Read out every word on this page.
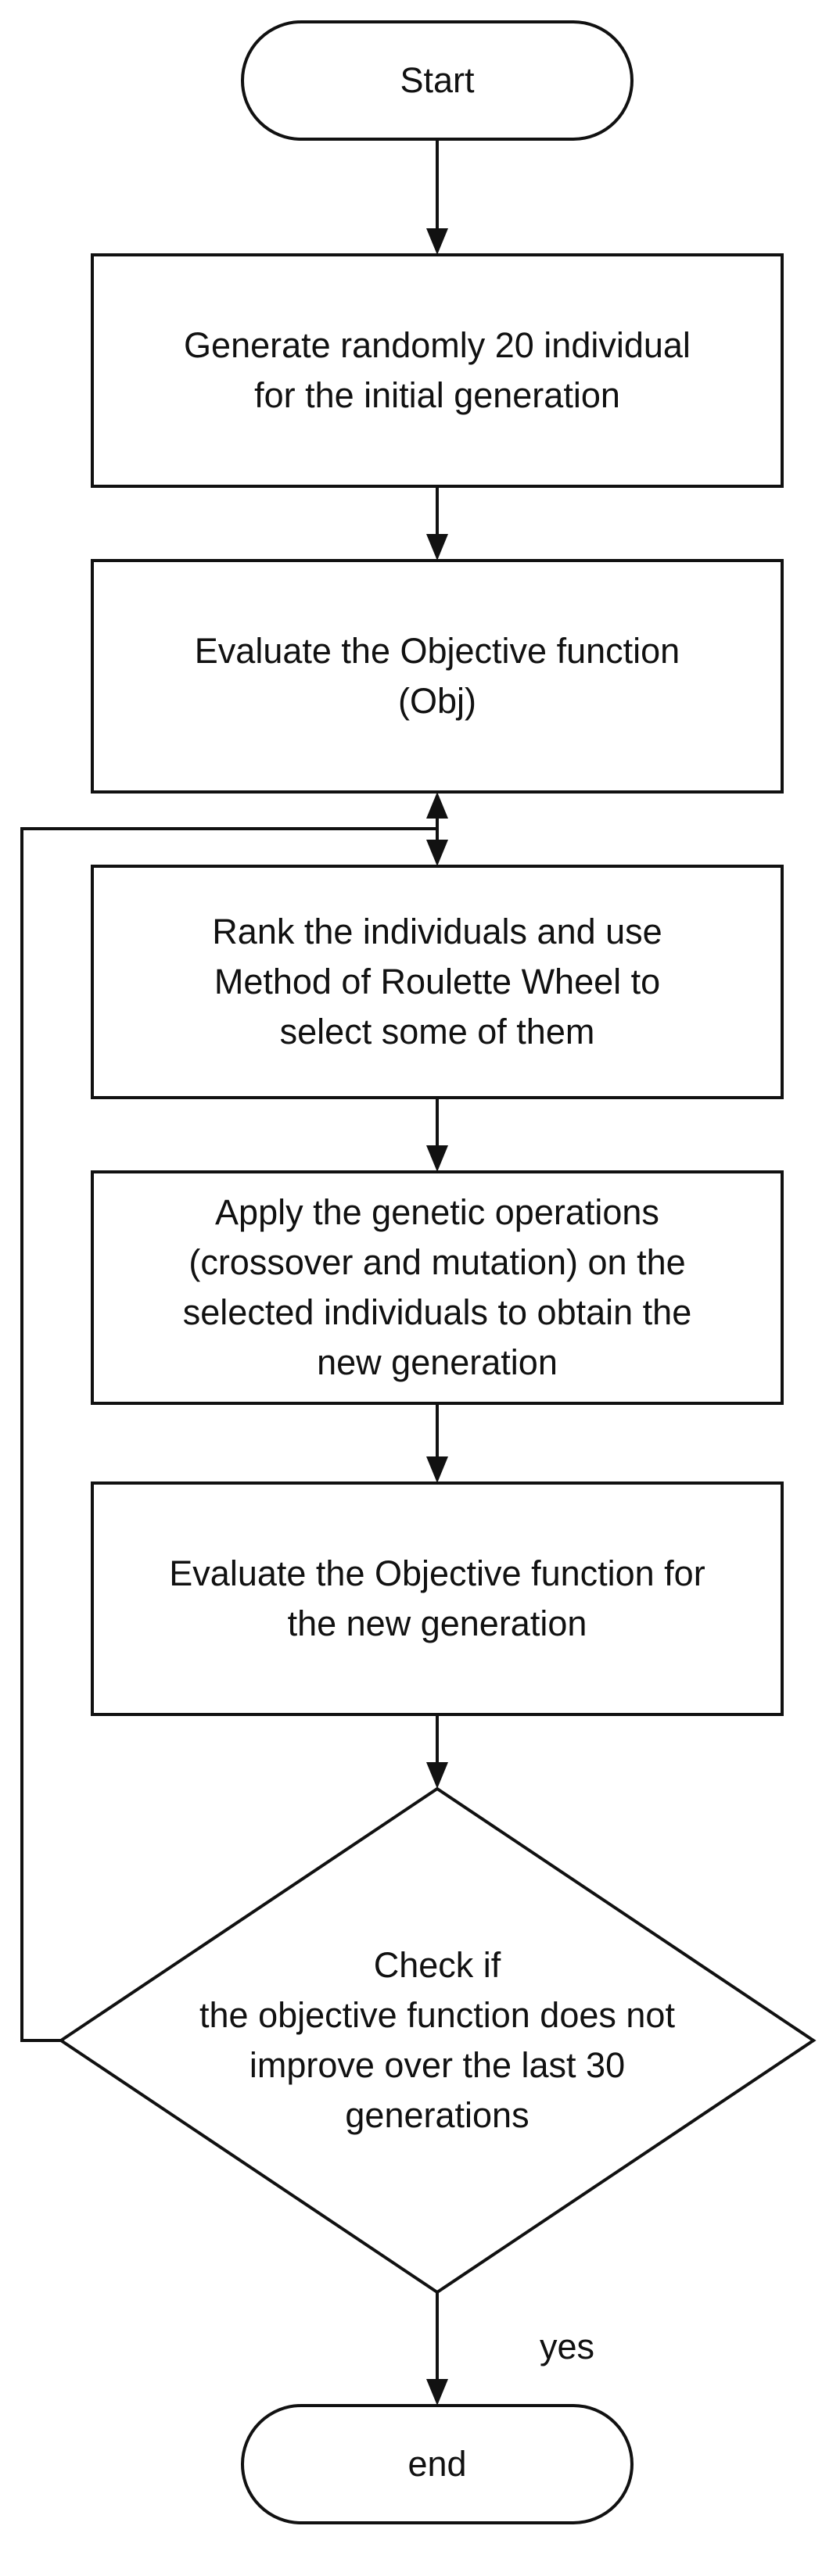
Start
Generate randomly 20 individual
for the initial generation
Evaluate the Objective function
(Obj)
Rank the individuals and use
Method of Roulette Wheel to
select some of them
Apply the genetic operations
(crossover and mutation) on the
selected individuals to obtain the
new generation
Evaluate the Objective function for
the new generation
Check if
the objective function does not
improve over the last 30
generations
yes
end
